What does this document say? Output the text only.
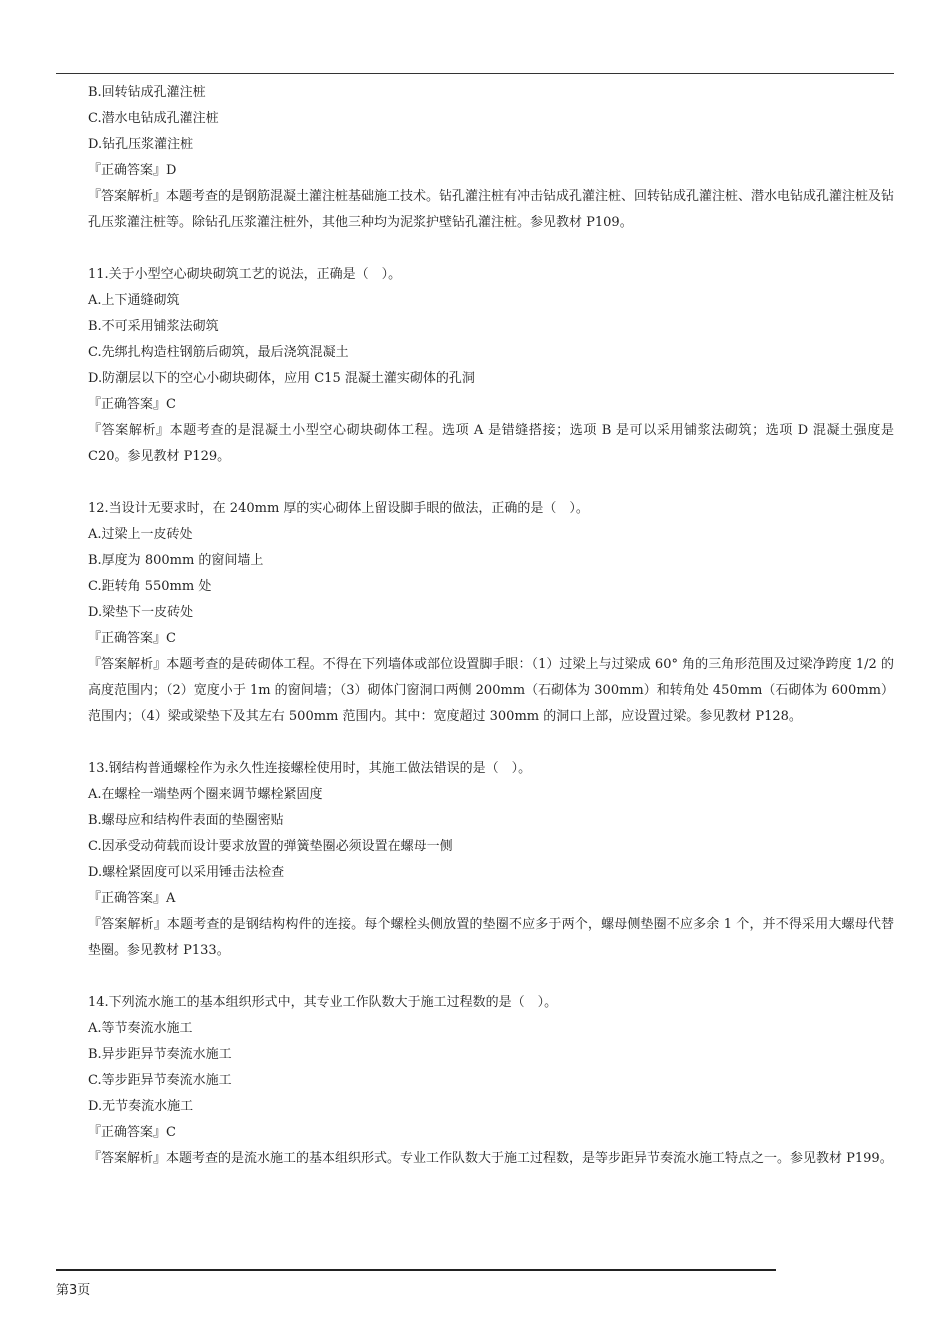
B.回转钻成孔灌注桩
C.潜水电钻成孔灌注桩
D.钻孔压浆灌注桩
『正确答案』D
『答案解析』本题考查的是钢筋混凝土灌注桩基础施工技术。钻孔灌注桩有冲击钻成孔灌注桩、回转钻成孔灌注桩、潜水电钻成孔灌注桩及钻孔压浆灌注桩等。除钻孔压浆灌注桩外，其他三种均为泥浆护壁钻孔灌注桩。参见教材 P109。
11.关于小型空心砌块砌筑工艺的说法，正确是（　）。
A.上下通缝砌筑
B.不可采用铺浆法砌筑
C.先绑扎构造柱钢筋后砌筑，最后浇筑混凝土
D.防潮层以下的空心小砌块砌体，应用 C15 混凝土灌实砌体的孔洞
『正确答案』C
『答案解析』本题考查的是混凝土小型空心砌块砌体工程。选项 A 是错缝搭接；选项 B 是可以采用铺浆法砌筑；选项 D 混凝土强度是 C20。参见教材 P129。
12.当设计无要求时，在 240mm 厚的实心砌体上留设脚手眼的做法，正确的是（　）。
A.过梁上一皮砖处
B.厚度为 800mm 的窗间墙上
C.距转角 550mm 处
D.梁垫下一皮砖处
『正确答案』C
『答案解析』本题考查的是砖砌体工程。不得在下列墙体或部位设置脚手眼：（1）过梁上与过梁成 60° 角的三角形范围及过梁净跨度 1/2 的高度范围内；（2）宽度小于 1m 的窗间墙；（3）砌体门窗洞口两侧 200mm（石砌体为 300mm）和转角处 450mm（石砌体为 600mm）范围内；（4）梁或梁垫下及其左右 500mm 范围内。其中：宽度超过 300mm 的洞口上部，应设置过梁。参见教材 P128。
13.钢结构普通螺栓作为永久性连接螺栓使用时，其施工做法错误的是（　）。
A.在螺栓一端垫两个圈来调节螺栓紧固度
B.螺母应和结构件表面的垫圈密贴
C.因承受动荷载而设计要求放置的弹簧垫圈必须设置在螺母一侧
D.螺栓紧固度可以采用锤击法检查
『正确答案』A
『答案解析』本题考查的是钢结构构件的连接。每个螺栓头侧放置的垫圈不应多于两个，螺母侧垫圈不应多余 1 个，并不得采用大螺母代替垫圈。参见教材 P133。
14.下列流水施工的基本组织形式中，其专业工作队数大于施工过程数的是（　）。
A.等节奏流水施工
B.异步距异节奏流水施工
C.等步距异节奏流水施工
D.无节奏流水施工
『正确答案』C
『答案解析』本题考查的是流水施工的基本组织形式。专业工作队数大于施工过程数，是等步距异节奏流水施工特点之一。参见教材 P199。
第3页
